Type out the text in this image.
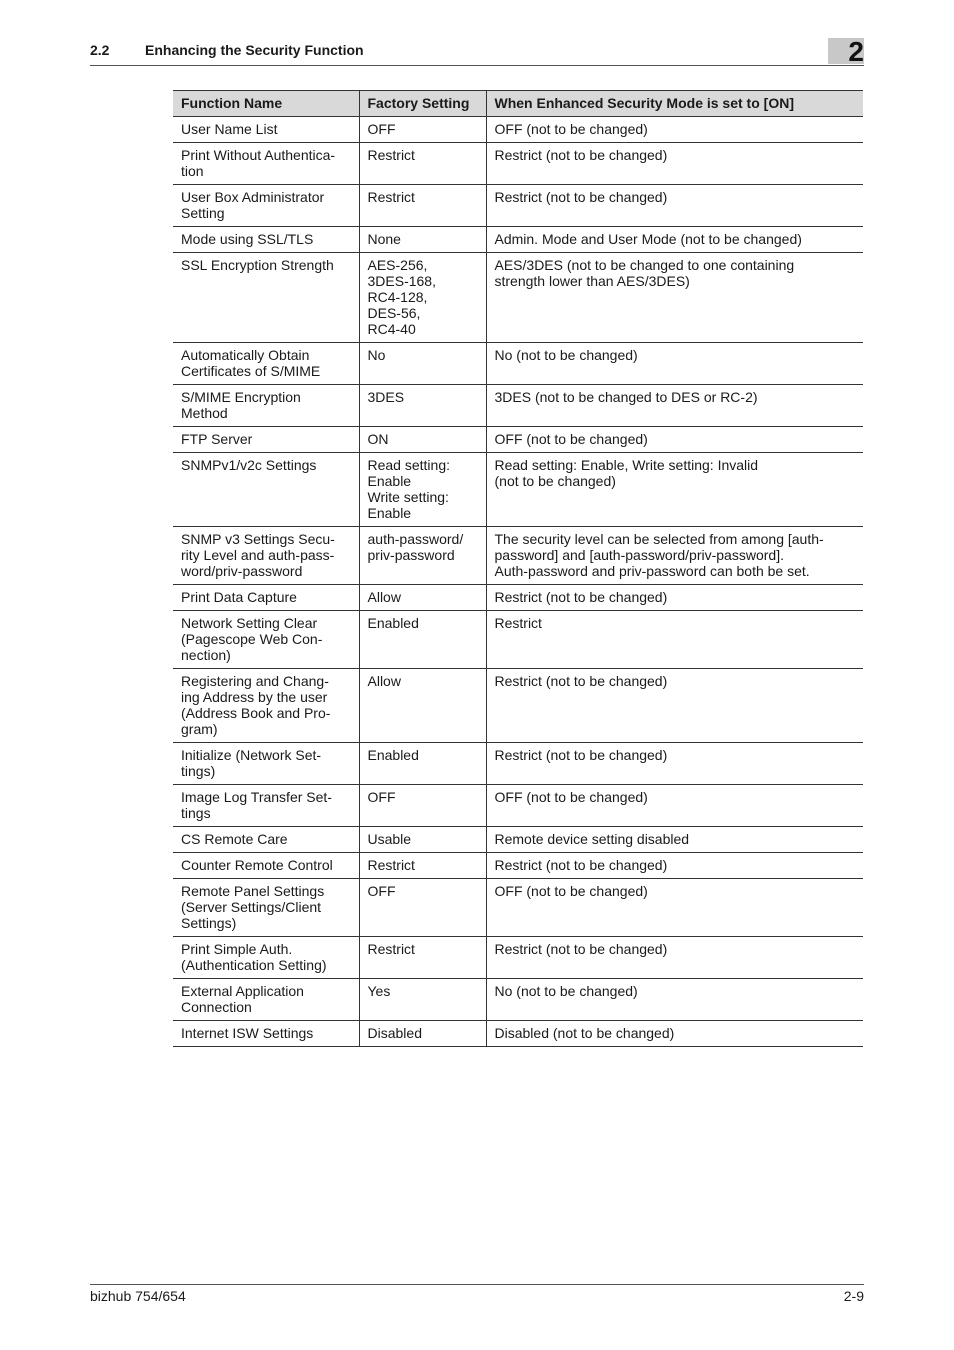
2.2	Enhancing the Security Function	2
Function Name	Factory Setting	When Enhanced Security Mode is set to [ON]

User Name List	OFF	OFF (not to be changed)

Print Without Authentica-
tion	Restrict	Restrict (not to be changed)

User Box Administrator
Setting	Restrict	Restrict (not to be changed)

Mode using SSL/TLS	None	Admin. Mode and User Mode (not to be changed)

SSL Encryption Strength	AES-256,
3DES-168,
RC4-128,
DES-56,
RC4-40	AES/3DES (not to be changed to one containing
strength lower than AES/3DES)

Automatically Obtain
Certificates of S/MIME	No	No (not to be changed)

S/MIME Encryption
Method	3DES	3DES (not to be changed to DES or RC-2)

FTP Server	ON	OFF (not to be changed)

SNMPv1/v2c Settings	Read setting:
Enable
Write setting:
Enable	Read setting: Enable, Write setting: Invalid
(not to be changed)

SNMP v3 Settings Secu-
rity Level and auth-pass-
word/priv-password	auth-password/
priv-password	The security level can be selected from among [auth-
password] and [auth-password/priv-password].
Auth-password and priv-password can both be set.

Print Data Capture	Allow	Restrict (not to be changed)

Network Setting Clear
(Pagescope Web Con-
nection)	Enabled	Restrict

Registering and Chang-
ing Address by the user
(Address Book and Pro-
gram)	Allow	Restrict (not to be changed)

Initialize (Network Set-
tings)	Enabled	Restrict (not to be changed)

Image Log Transfer Set-
tings	OFF	OFF (not to be changed)

CS Remote Care	Usable	Remote device setting disabled

Counter Remote Control	Restrict	Restrict (not to be changed)

Remote Panel Settings
(Server Settings/Client
Settings)	OFF	OFF (not to be changed)

Print Simple Auth.
(Authentication Setting)	Restrict	Restrict (not to be changed)

External Application
Connection	Yes	No (not to be changed)

Internet ISW Settings	Disabled	Disabled (not to be changed)
bizhub 754/654	2-9
